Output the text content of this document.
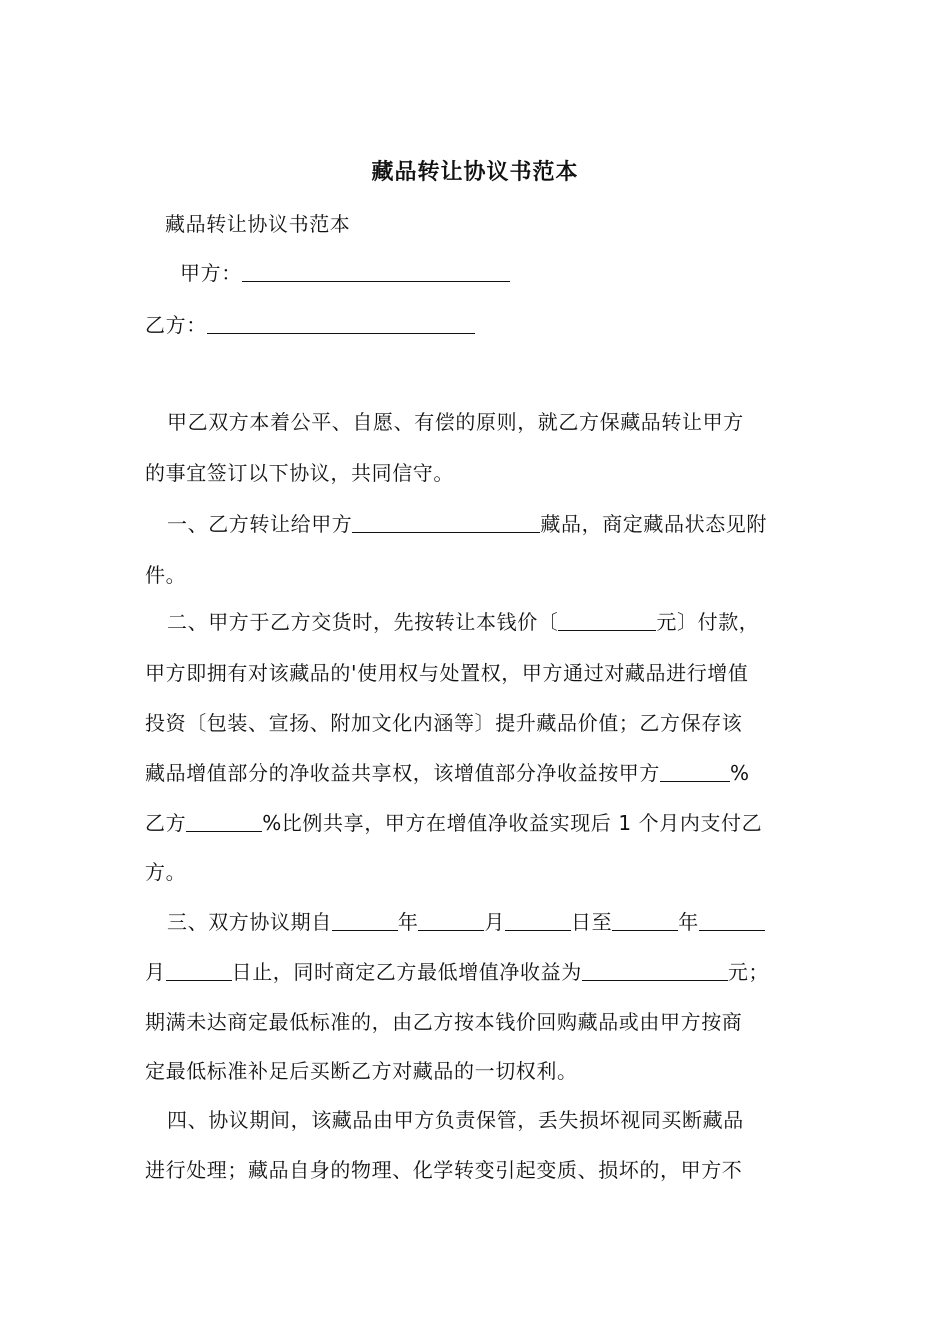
藏品转让协议书范本
藏品转让协议书范本
甲方：
乙方：
甲乙双方本着公平、自愿、有偿的原则，就乙方保藏品转让甲方
的事宜签订以下协议，共同信守。
一、乙方转让给甲方	藏品，商定藏品状态见附
件。
二、甲方于乙方交货时，先按转让本钱价〔	元〕付款，
甲方即拥有对该藏品的'使用权与处置权，甲方通过对藏品进行增值
投资〔包装、宣扬、附加文化内涵等〕提升藏品价值；乙方保存该
藏品增值部分的净收益共享权，该增值部分净收益按甲方	%
乙方	%比例共享，甲方在增值净收益实现后 1 个月内支付乙
方。
三、双方协议期自	年	月	日至	年
月	日止，同时商定乙方最低增值净收益为	元；
期满未达商定最低标准的，由乙方按本钱价回购藏品或由甲方按商
定最低标准补足后买断乙方对藏品的一切权利。
四、协议期间，该藏品由甲方负责保管，丢失损坏视同买断藏品
进行处理；藏品自身的物理、化学转变引起变质、损坏的，甲方不
